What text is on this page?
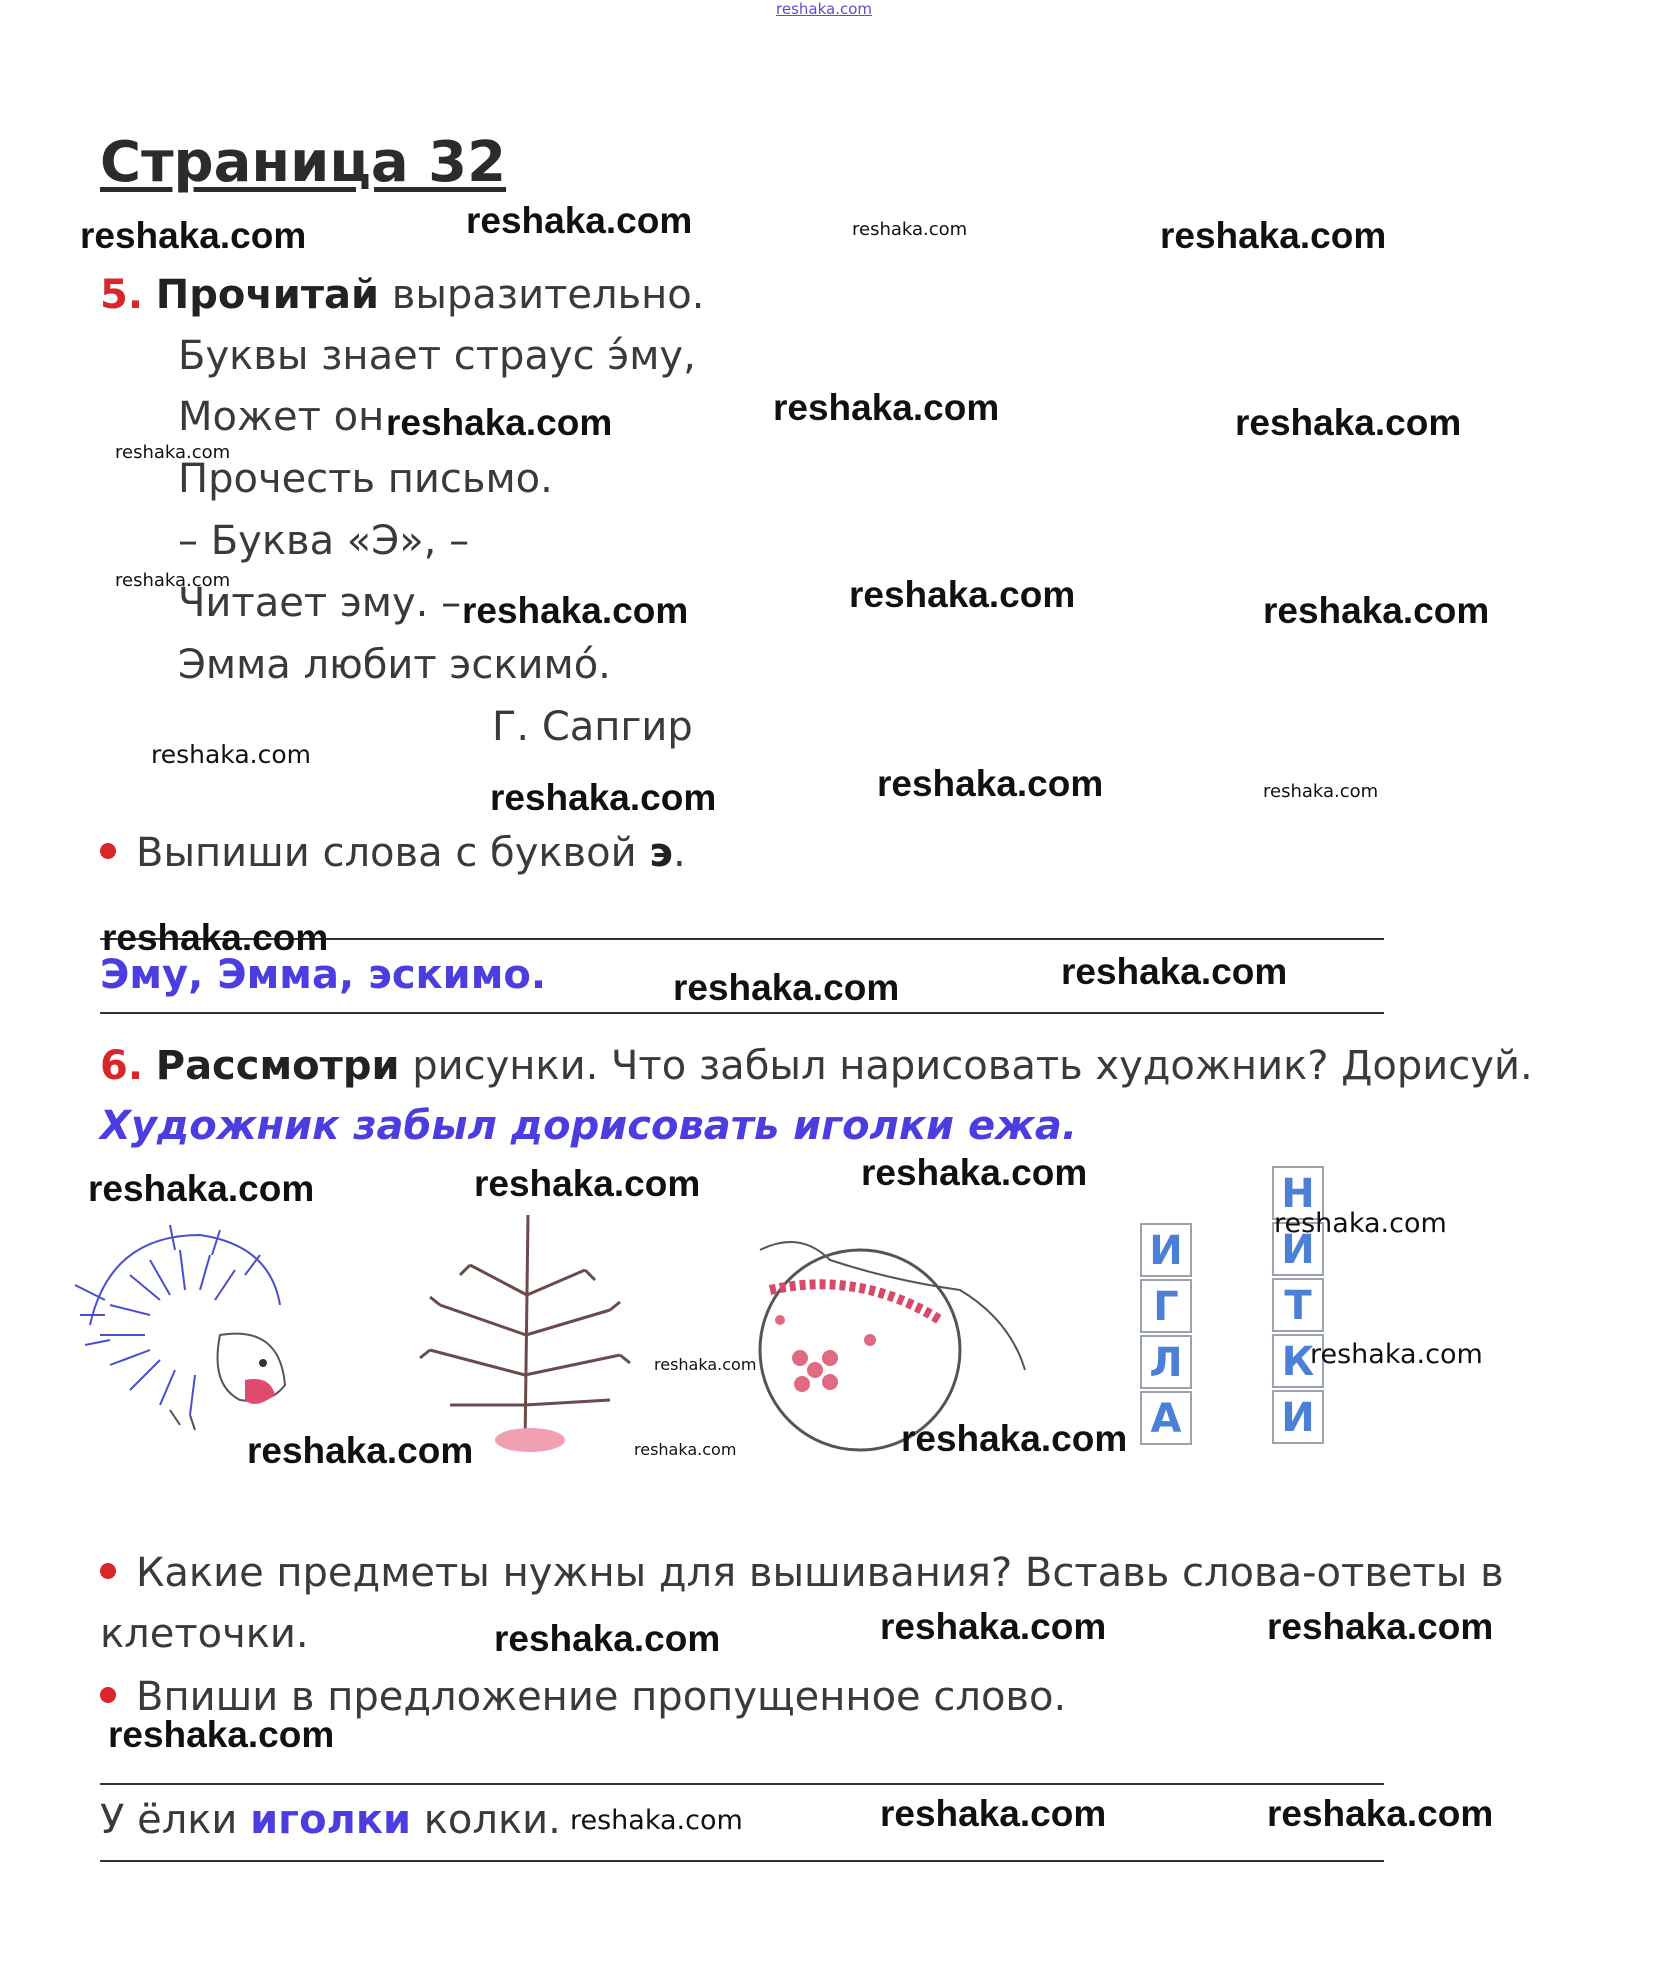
reshaka.com
Страница 32
5. Прочитай выразительно.
Буквы знает страус э́му,
Может он
Прочесть письмо.
– Буква «Э», –
Читает эму. –
Эмма любит эскимо́.
Г. Сапгир
Выпиши слова с буквой э.
Эму, Эмма, эскимо.
6. Рассмотри рисунки. Что забыл нарисовать художник? Дорисуй.
Художник забыл дорисовать иголки ежа.
И
Г
Л
А
Н
И
Т
К
И
Какие предметы нужны для вышивания? Вставь слова-ответы в
клеточки.
Впиши в предложение пропущенное слово.
У ёлки иголки колки.
reshaka.com	reshaka.com	reshaka.com	reshaka.com
reshaka.com	reshaka.com	reshaka.com
reshaka.com
reshaka.com
reshaka.com	reshaka.com	reshaka.com
reshaka.com
reshaka.com	reshaka.com	reshaka.com
reshaka.com
reshaka.com	reshaka.com
reshaka.com	reshaka.com	reshaka.com
reshaka.com
reshaka.com
reshaka.com
reshaka.com
reshaka.com	reshaka.com
reshaka.com	reshaka.com	reshaka.com
reshaka.com
reshaka.com	reshaka.com	reshaka.com
